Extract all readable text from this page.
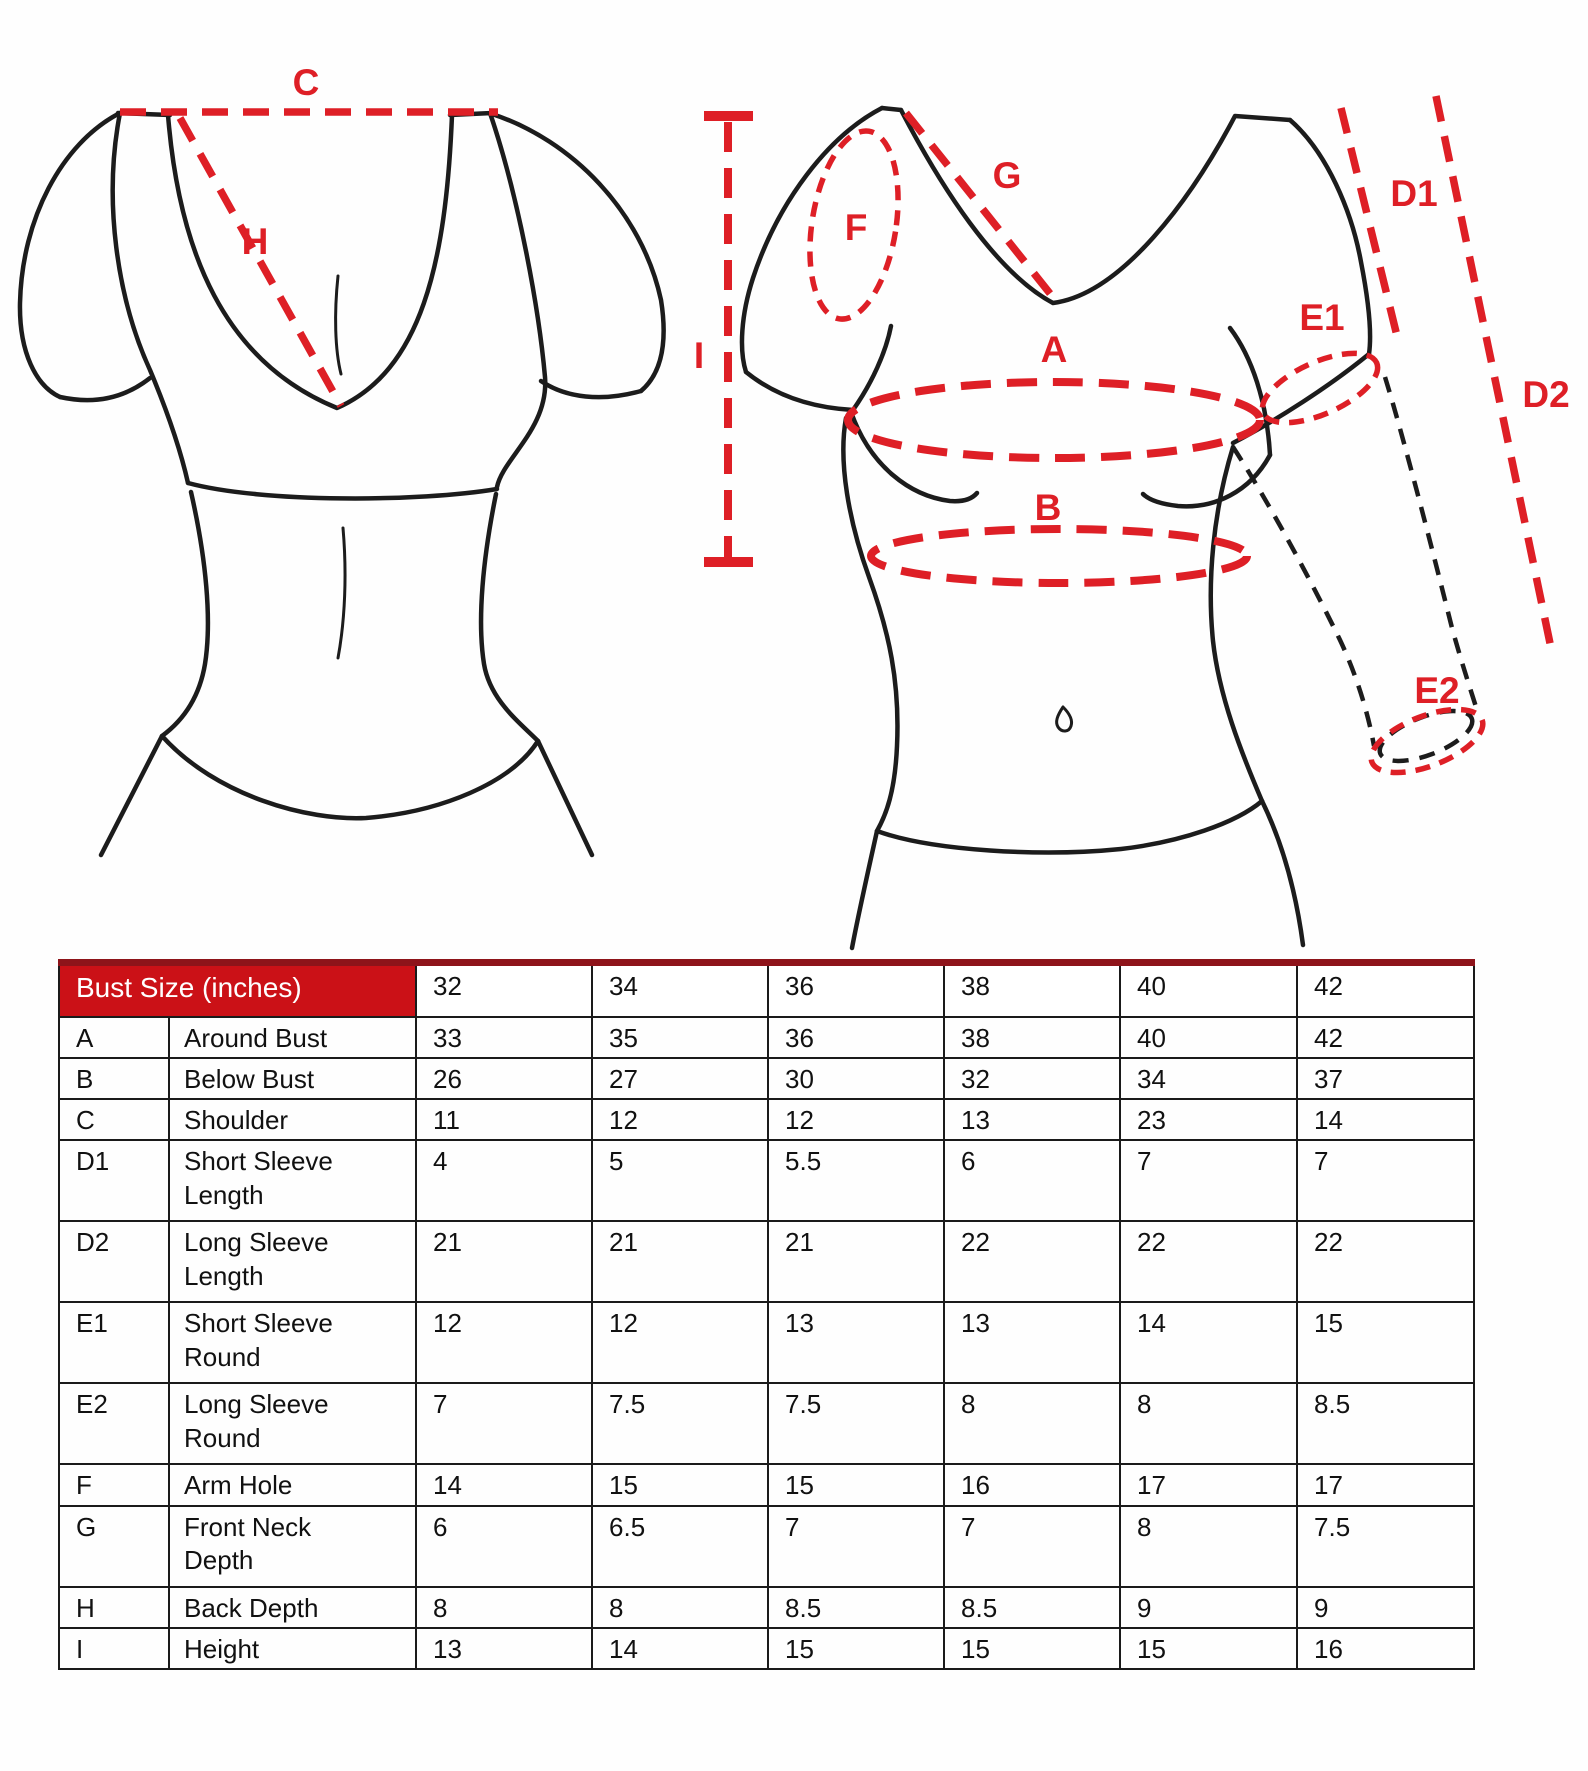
C
H
I
F
G
A
B
D1
D2
E1
E2
Bust Size (inches)		32	34	36	38	40	42
A	Around Bust	33	35	36	38	40	42
B	Below Bust	26	27	30	32	34	37
C	Shoulder	11	12	12	13	23	14
D1	Short Sleeve Length	4	5	5.5	6	7	7
D2	Long Sleeve Length	21	21	21	22	22	22
E1	Short Sleeve Round	12	12	13	13	14	15
E2	Long Sleeve Round	7	7.5	7.5	8	8	8.5
F	Arm Hole	14	15	15	16	17	17
G	Front Neck Depth	6	6.5	7	7	8	7.5
H	Back Depth	8	8	8.5	8.5	9	9
I	Height	13	14	15	15	15	16
